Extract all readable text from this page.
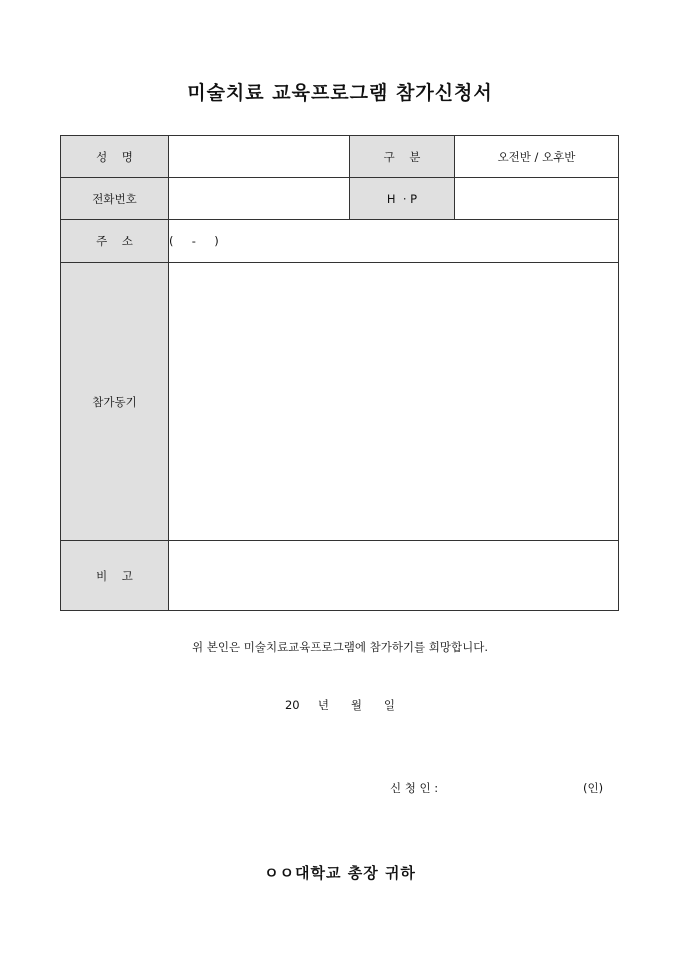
미술치료 교육프로그램 참가신청서
성    명		구    분	오전반 / 오후반
전화번호		H  · P	
주    소	(     -     )		
참가동기			
비    고			
위 본인은 미술치료교육프로그램에 참가하기를 희망합니다.
20     년      월      일
신 청 인 :	(인)
ㅇㅇ대학교 총장 귀하
